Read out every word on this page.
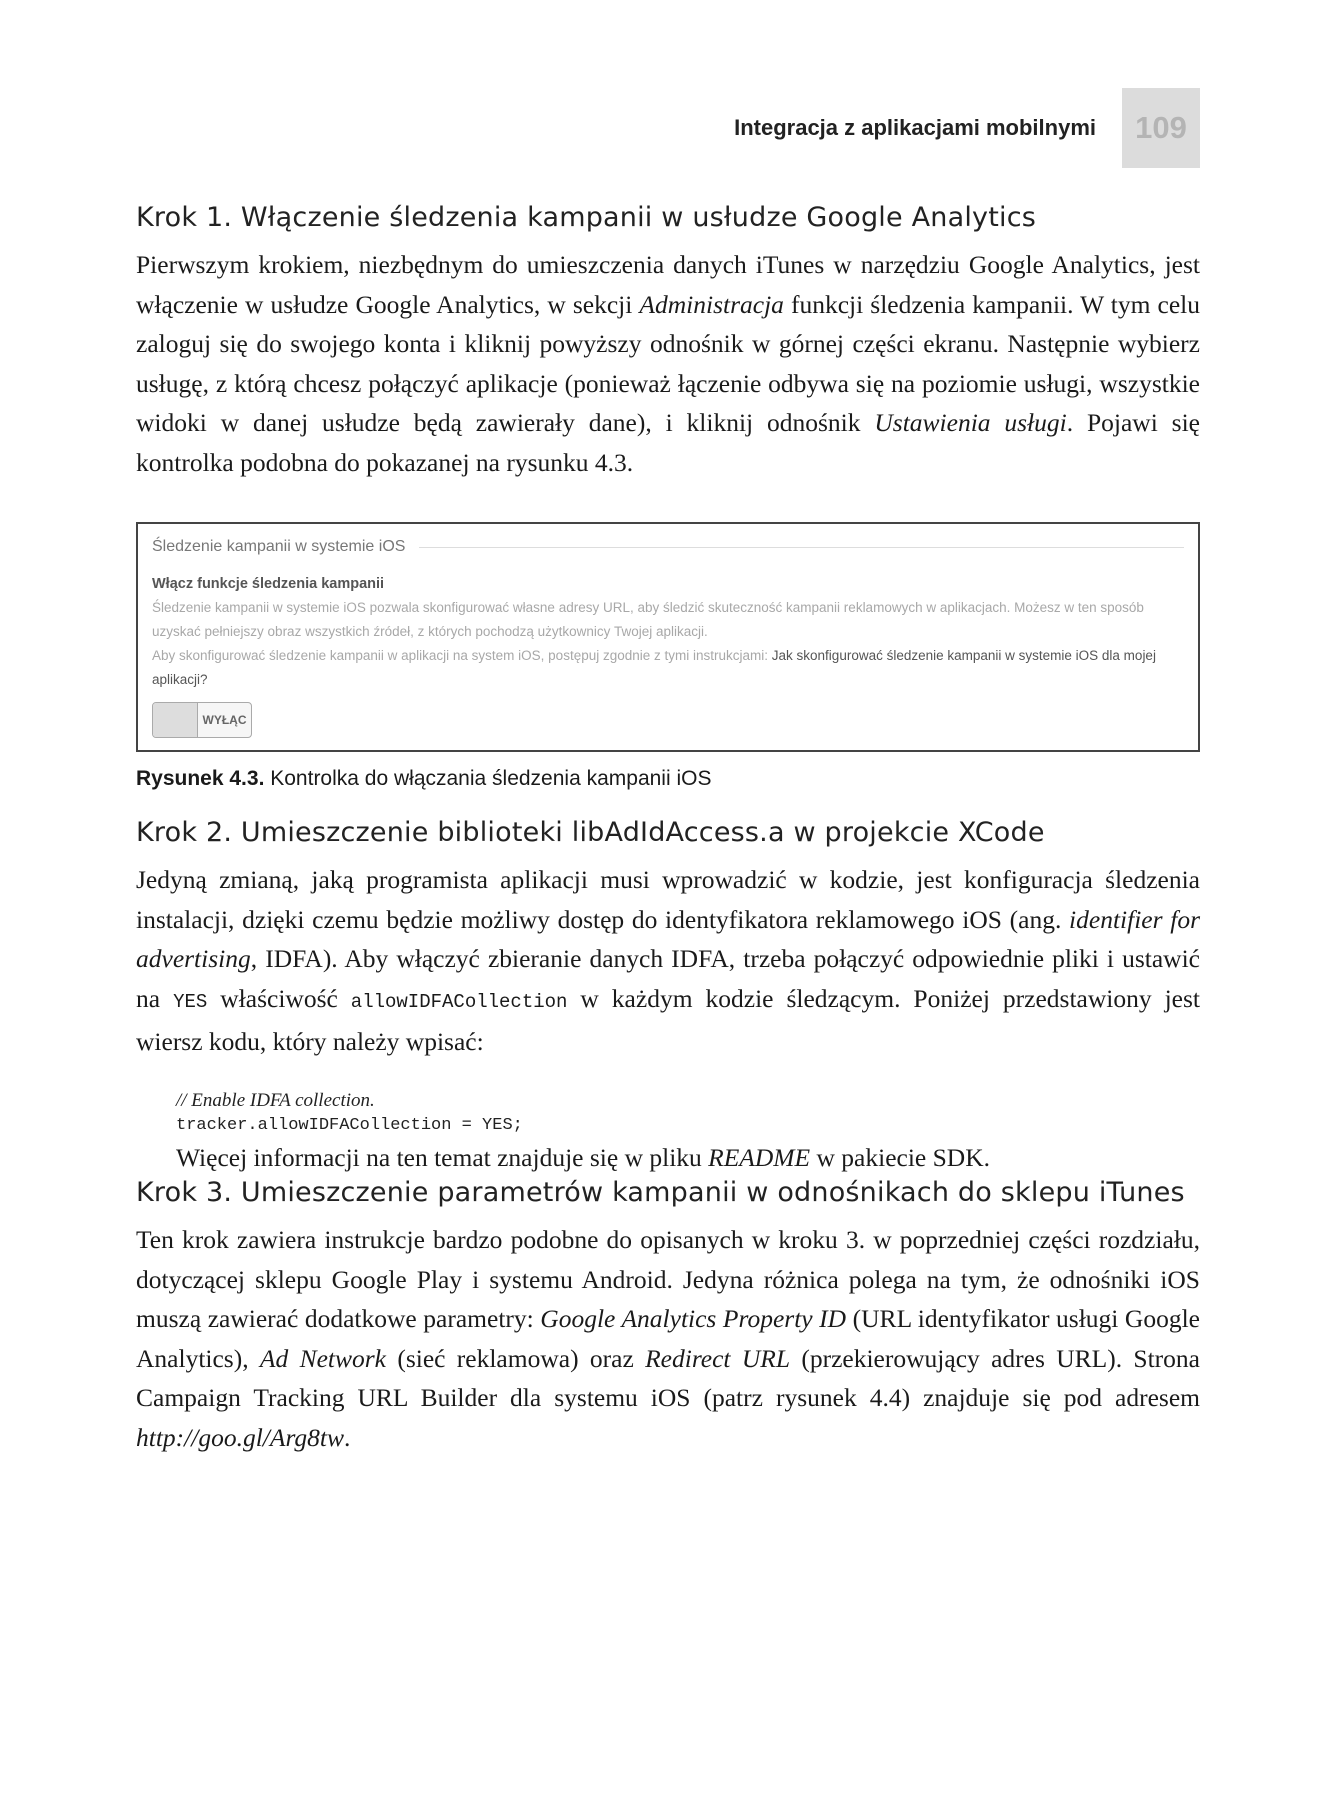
Integracja z aplikacjami mobilnymi	109
Krok 1. Włączenie śledzenia kampanii w usłudze Google Analytics

Pierwszym krokiem, niezbędnym do umieszczenia danych iTunes w narzędziu Google Analytics, jest włączenie w usłudze Google Analytics, w sekcji Administracja funkcji śledzenia kampanii. W tym celu zaloguj się do swojego konta i kliknij powyższy odnośnik w górnej części ekranu. Następnie wybierz usługę, z którą chcesz połączyć aplikacje (ponieważ łączenie odbywa się na poziomie usługi, wszystkie widoki w danej usłudze będą zawierały dane), i kliknij odnośnik Ustawienia usługi. Pojawi się kontrolka podobna do pokazanej na rysunku 4.3.

Śledzenie kampanii w systemie iOS
Włącz funkcje śledzenia kampanii
Śledzenie kampanii w systemie iOS pozwala skonfigurować własne adresy URL, aby śledzić skuteczność kampanii reklamowych w aplikacjach. Możesz w ten sposób uzyskać pełniejszy obraz wszystkich źródeł, z których pochodzą użytkownicy Twojej aplikacji.
Aby skonfigurować śledzenie kampanii w aplikacji na system iOS, postępuj zgodnie z tymi instrukcjami: Jak skonfigurować śledzenie kampanii w systemie iOS dla mojej aplikacji?
WYŁĄC
Rysunek 4.3. Kontrolka do włączania śledzenia kampanii iOS
Krok 2. Umieszczenie biblioteki libAdIdAccess.a w projekcie XCode

Jedyną zmianą, jaką programista aplikacji musi wprowadzić w kodzie, jest konfiguracja śledzenia instalacji, dzięki czemu będzie możliwy dostęp do identyfikatora reklamowego iOS (ang. identifier for advertising, IDFA). Aby włączyć zbieranie danych IDFA, trzeba połączyć odpowiednie pliki i ustawić na YES właściwość allowIDFACollection w każdym kodzie śledzącym. Poniżej przedstawiony jest wiersz kodu, który należy wpisać:

// Enable IDFA collection.
tracker.allowIDFACollection = YES;

Więcej informacji na ten temat znajduje się w pliku README w pakiecie SDK.

Krok 3. Umieszczenie parametrów kampanii w odnośnikach do sklepu iTunes

Ten krok zawiera instrukcje bardzo podobne do opisanych w kroku 3. w poprzedniej części rozdziału, dotyczącej sklepu Google Play i systemu Android. Jedyna różnica polega na tym, że odnośniki iOS muszą zawierać dodatkowe parametry: Google Analytics Property ID (URL identyfikator usługi Google Analytics), Ad Network (sieć reklamowa) oraz Redirect URL (przekierowujący adres URL). Strona Campaign Tracking URL Builder dla systemu iOS (patrz rysunek 4.4) znajduje się pod adresem http://goo.gl/Arg8tw.
